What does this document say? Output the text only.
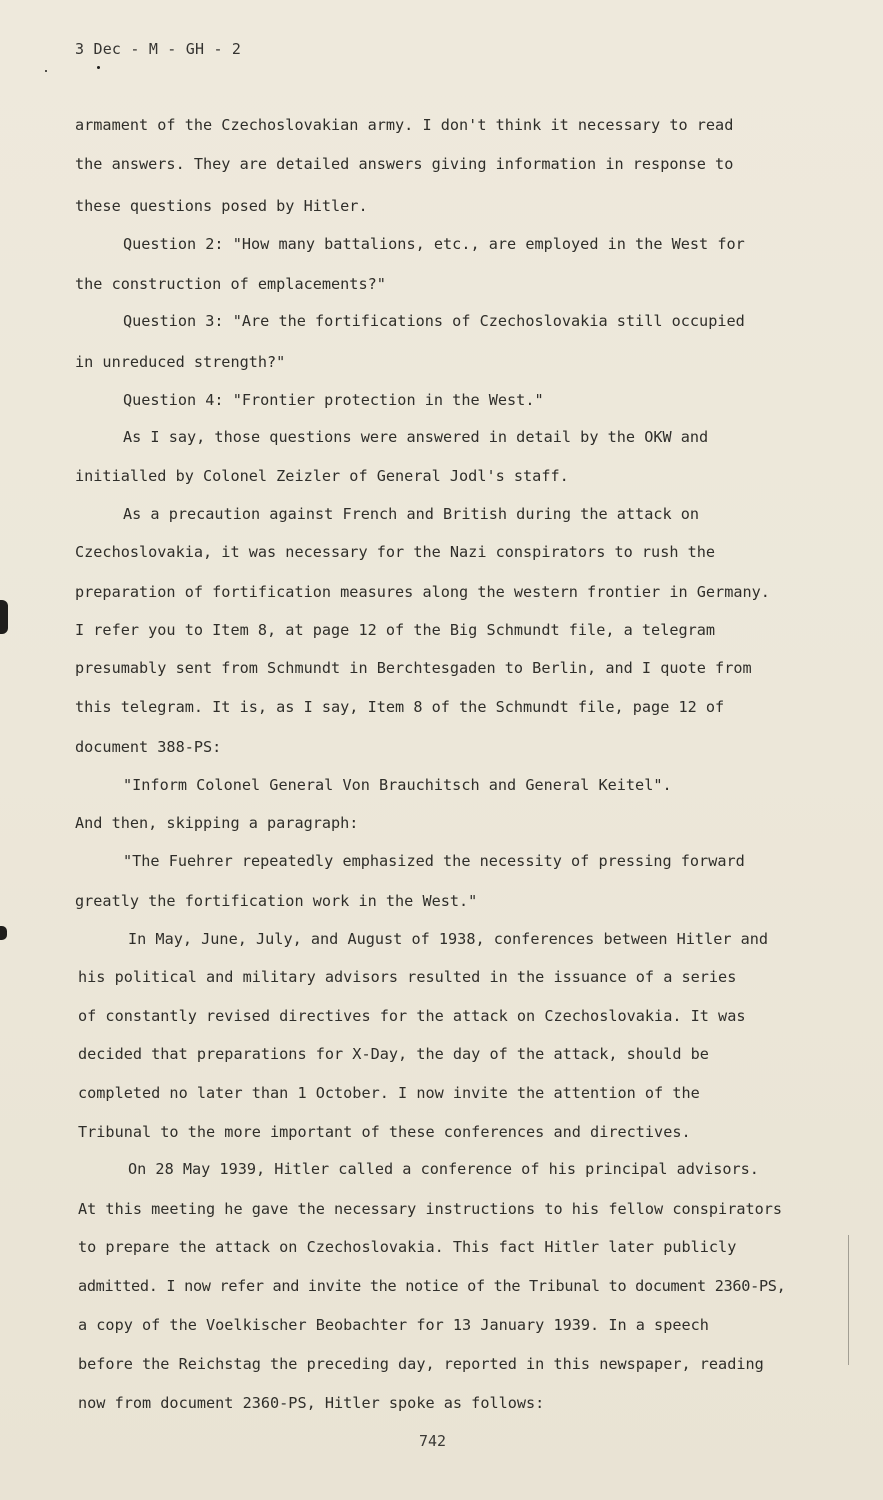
3 Dec - M - GH - 2
armament of the Czechoslovakian army. I don't think it necessary to read
the answers. They are detailed answers giving information in response to
these questions posed by Hitler.
Question 2: "How many battalions, etc., are employed in the West for
the construction of emplacements?"
Question 3: "Are the fortifications of Czechoslovakia still occupied
in unreduced strength?"
Question 4: "Frontier protection in the West."
As I say, those questions were answered in detail by the OKW and
initialled by Colonel Zeizler of General Jodl's staff.
As a precaution against French and British during the attack on
Czechoslovakia, it was necessary for the Nazi conspirators to rush the
preparation of fortification measures along the western frontier in Germany.
I refer you to Item 8, at page 12 of the Big Schmundt file, a telegram
presumably sent from Schmundt in Berchtesgaden to Berlin, and I quote from
this telegram. It is, as I say, Item 8 of the Schmundt file, page 12 of
document 388-PS:
"Inform Colonel General Von Brauchitsch and General Keitel".
And then, skipping a paragraph:
"The Fuehrer repeatedly emphasized the necessity of pressing forward
greatly the fortification work in the West."
In May, June, July, and August of 1938, conferences between Hitler and
his political and military advisors resulted in the issuance of a series
of constantly revised directives for the attack on Czechoslovakia. It was
decided that preparations for X-Day, the day of the attack, should be
completed no later than 1 October. I now invite the attention of the
Tribunal to the more important of these conferences and directives.
On 28 May 1939, Hitler called a conference of his principal advisors.
At this meeting he gave the necessary instructions to his fellow conspirators
to prepare the attack on Czechoslovakia. This fact Hitler later publicly
admitted. I now refer and invite the notice of the Tribunal to document 2360-PS,
a copy of the Voelkischer Beobachter for 13 January 1939. In a speech
before the Reichstag the preceding day, reported in this newspaper, reading
now from document 2360-PS, Hitler spoke as follows:
742
